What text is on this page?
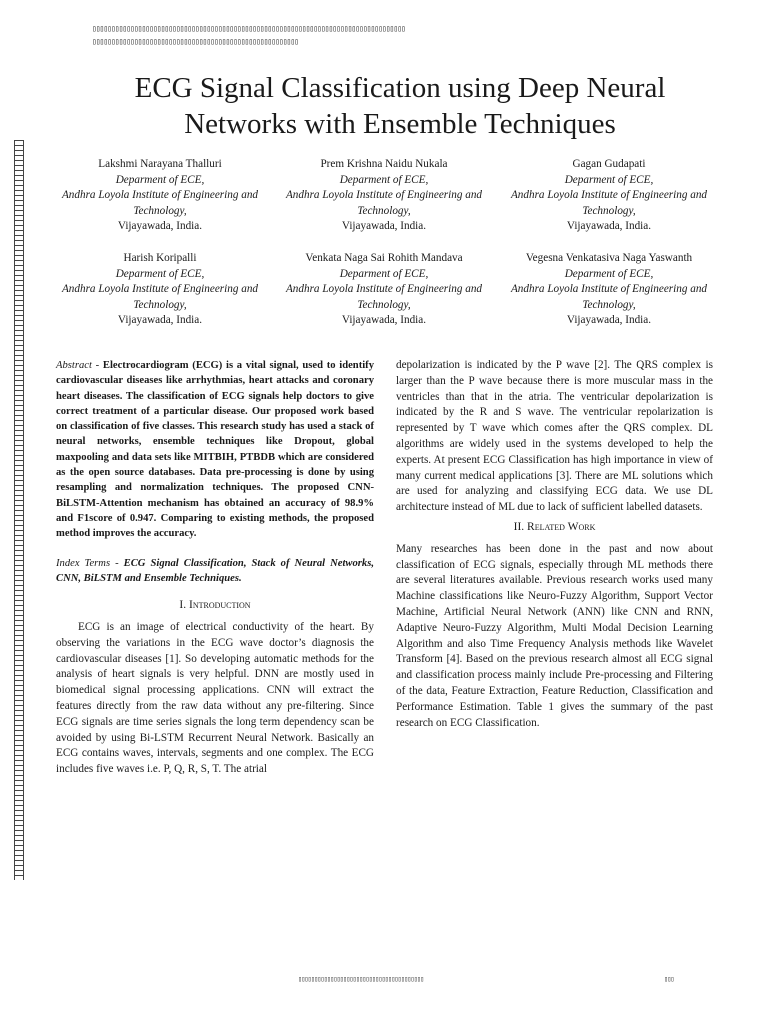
▯▯▯▯▯▯▯▯▯▯▯▯▯▯▯▯▯▯▯▯▯▯▯▯▯▯▯▯▯▯▯▯▯▯▯▯▯▯▯▯▯▯▯▯▯▯▯▯▯▯▯▯▯▯▯▯▯▯▯▯▯▯▯▯▯▯▯▯▯▯▯▯▯▯▯▯▯▯▯▯▯▯
▯▯▯▯▯▯▯▯▯▯▯▯▯▯▯▯▯▯▯▯▯▯▯▯▯▯▯▯▯▯▯▯▯▯▯▯▯▯▯▯▯▯▯▯▯▯▯▯▯▯▯▯▯▯
ECG Signal Classification using Deep Neural Networks with Ensemble Techniques
Lakshmi Narayana Thalluri
Deparment of ECE,
Andhra Loyola Institute of Engineering and Technology,
Vijayawada, India.
Prem Krishna Naidu Nukala
Deparment of ECE,
Andhra Loyola Institute of Engineering and Technology,
Vijayawada, India.
Gagan Gudapati
Deparment of ECE,
Andhra Loyola Institute of Engineering and Technology,
Vijayawada, India.
Harish Koripalli
Deparment of ECE,
Andhra Loyola Institute of Engineering and Technology,
Vijayawada, India.
Venkata Naga Sai Rohith Mandava
Deparment of ECE,
Andhra Loyola Institute of Engineering and Technology,
Vijayawada, India.
Vegesna Venkatasiva Naga Yaswanth
Deparment of ECE,
Andhra Loyola Institute of Engineering and Technology,
Vijayawada, India.

Abstract - Electrocardiogram (ECG) is a vital signal, used to identify cardiovascular diseases like arrhythmias, heart attacks and coronary heart diseases. The classification of ECG signals help doctors to give correct treatment of a particular disease. Our proposed work based on classification of five classes. This research study has used a stack of neural networks, ensemble techniques like Dropout, global maxpooling and data sets like MITBIH, PTBDB which are considered as the open source databases. Data pre-processing is done by using resampling and normalization techniques. The proposed CNN-BiLSTM-Attention mechanism has obtained an accuracy of 98.9% and F1score of 0.947. Comparing to existing methods, the proposed method improves the accuracy.

Index Terms - ECG Signal Classification, Stack of Neural Networks, CNN, BiLSTM and Ensemble Techniques.

I. Introduction

ECG is an image of electrical conductivity of the heart. By observing the variations in the ECG wave doctor’s diagnosis the cardiovascular diseases [1]. So developing automatic methods for the analysis of heart signals is very helpful. DNN are mostly used in biomedical signal processing applications. CNN will extract the features directly from the raw data without any pre-filtering. Since ECG signals are time series signals the long term dependency scan be avoided by using Bi-LSTM Recurrent Neural Network. Basically an ECG contains waves, intervals, segments and one complex. The ECG includes five waves i.e. P, Q, R, S, T. The atrial

depolarization is indicated by the P wave [2]. The QRS complex is larger than the P wave because there is more muscular mass in the ventricles than that in the atria. The ventricular depolarization is indicated by the R and S wave. The ventricular repolarization is represented by T wave which comes after the QRS complex. DL algorithms are widely used in the systems developed to help the experts. At present ECG Classification has high importance in view of many current medical applications [3]. There are ML solutions which are used for analyzing and classifying ECG data. We use DL architecture instead of ML due to lack of sufficient labelled datasets.

II. Related Work

Many researches has been done in the past and now about classification of ECG signals, especially through ML methods there are several literatures available. Previous research works used many Machine classifications like Neuro-Fuzzy Algorithm, Support Vector Machine, Artificial Neural Network (ANN) like CNN and RNN, Adaptive Neuro-Fuzzy Algorithm, Multi Modal Decision Learning Algorithm and also Time Frequency Analysis methods like Wavelet Transform [4]. Based on the previous research almost all ECG signal and classification process mainly include Pre-processing and Filtering of the data, Feature Extraction, Feature Reduction, Classification and Performance Estimation. Table 1 gives the summary of the past research on ECG Classification.

▯▯▯▯▯▯▯▯▯▯▯▯▯▯▯▯▯▯▯▯▯▯▯▯▯▯▯▯▯▯▯▯▯▯▯▯▯▯▯	▯▯▯
